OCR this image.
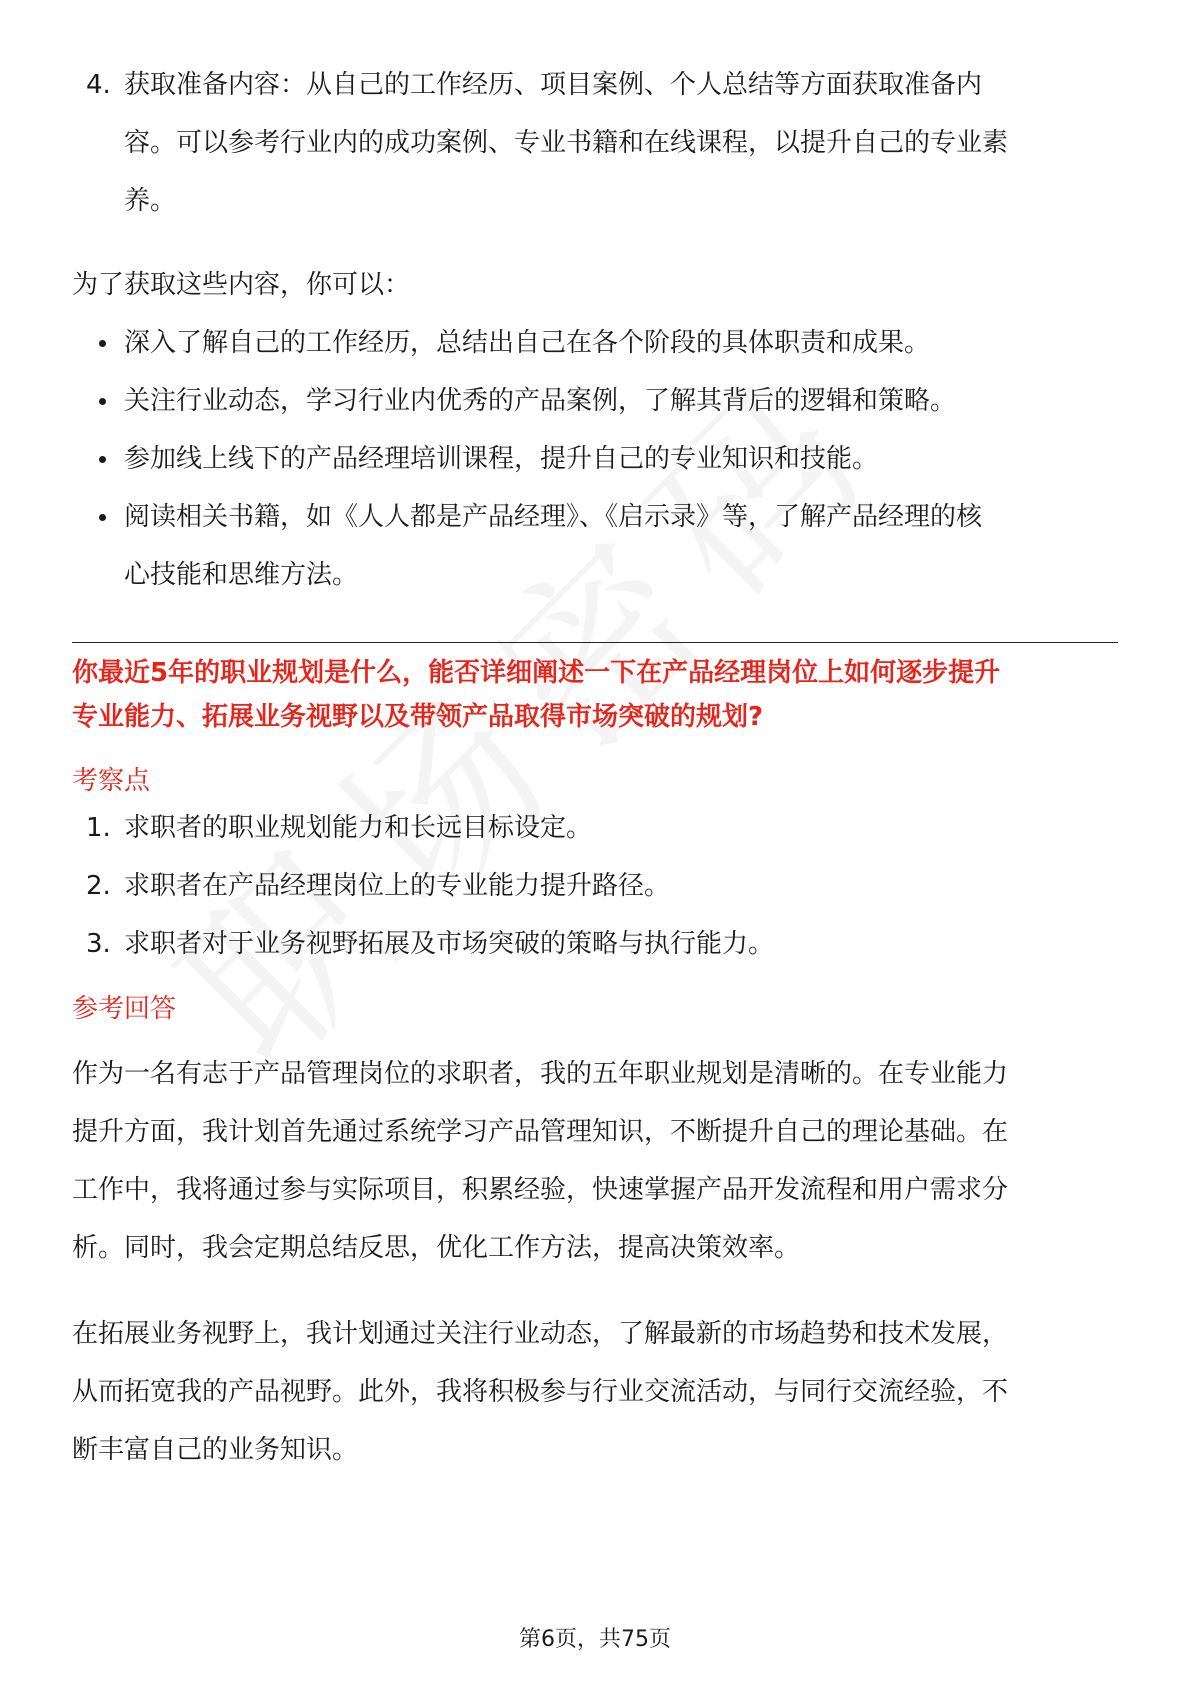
4. 获取准备内容：从自己的工作经历、项目案例、个人总结等方面获取准备内
容。可以参考行业内的成功案例、专业书籍和在线课程，以提升自己的专业素
养。

为了获取这些内容，你可以：

深入了解自己的工作经历，总结出自己在各个阶段的具体职责和成果。
关注行业动态，学习行业内优秀的产品案例，了解其背后的逻辑和策略。
参加线上线下的产品经理培训课程，提升自己的专业知识和技能。
阅读相关书籍，如《人人都是产品经理》、《启示录》等，了解产品经理的核
心技能和思维方法。

你最近5年的职业规划是什么，能否详细阐述一下在产品经理岗位上如何逐步提升
专业能力、拓展业务视野以及带领产品取得市场突破的规划?

考察点

1. 求职者的职业规划能力和长远目标设定。
2. 求职者在产品经理岗位上的专业能力提升路径。
3. 求职者对于业务视野拓展及市场突破的策略与执行能力。

参考回答

作为一名有志于产品管理岗位的求职者，我的五年职业规划是清晰的。在专业能力
提升方面，我计划首先通过系统学习产品管理知识，不断提升自己的理论基础。在
工作中，我将通过参与实际项目，积累经验，快速掌握产品开发流程和用户需求分
析。同时，我会定期总结反思，优化工作方法，提高决策效率。

在拓展业务视野上，我计划通过关注行业动态，了解最新的市场趋势和技术发展，
从而拓宽我的产品视野。此外，我将积极参与行业交流活动，与同行交流经验，不
断丰富自己的业务知识。

第6页，共75页
